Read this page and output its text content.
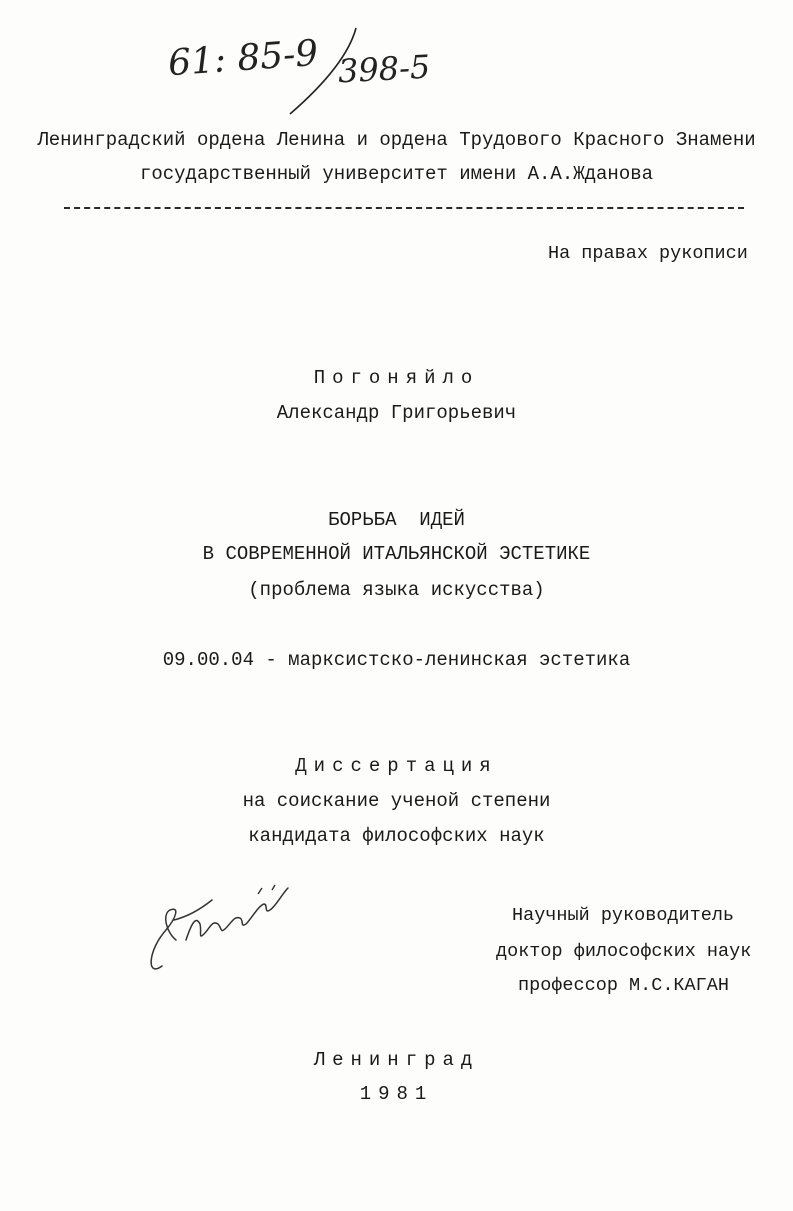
61: 85-9 398-5
Ленинградский ордена Ленина и ордена Трудового Красного Знамени
государственный университет имени А.А.Жданова
На правах рукописи
Погоняйло
Александр Григорьевич
БОРЬБА  ИДЕЙ
В СОВРЕМЕННОЙ ИТАЛЬЯНСКОЙ ЭСТЕТИКЕ
(проблема языка искусства)
09.00.04 - марксистско-ленинская эстетика
Диссертация
на соискание ученой степени
кандидата философских наук
Научный руководитель
доктор философских наук
профессор М.С.КАГАН
Ленинград
1981
